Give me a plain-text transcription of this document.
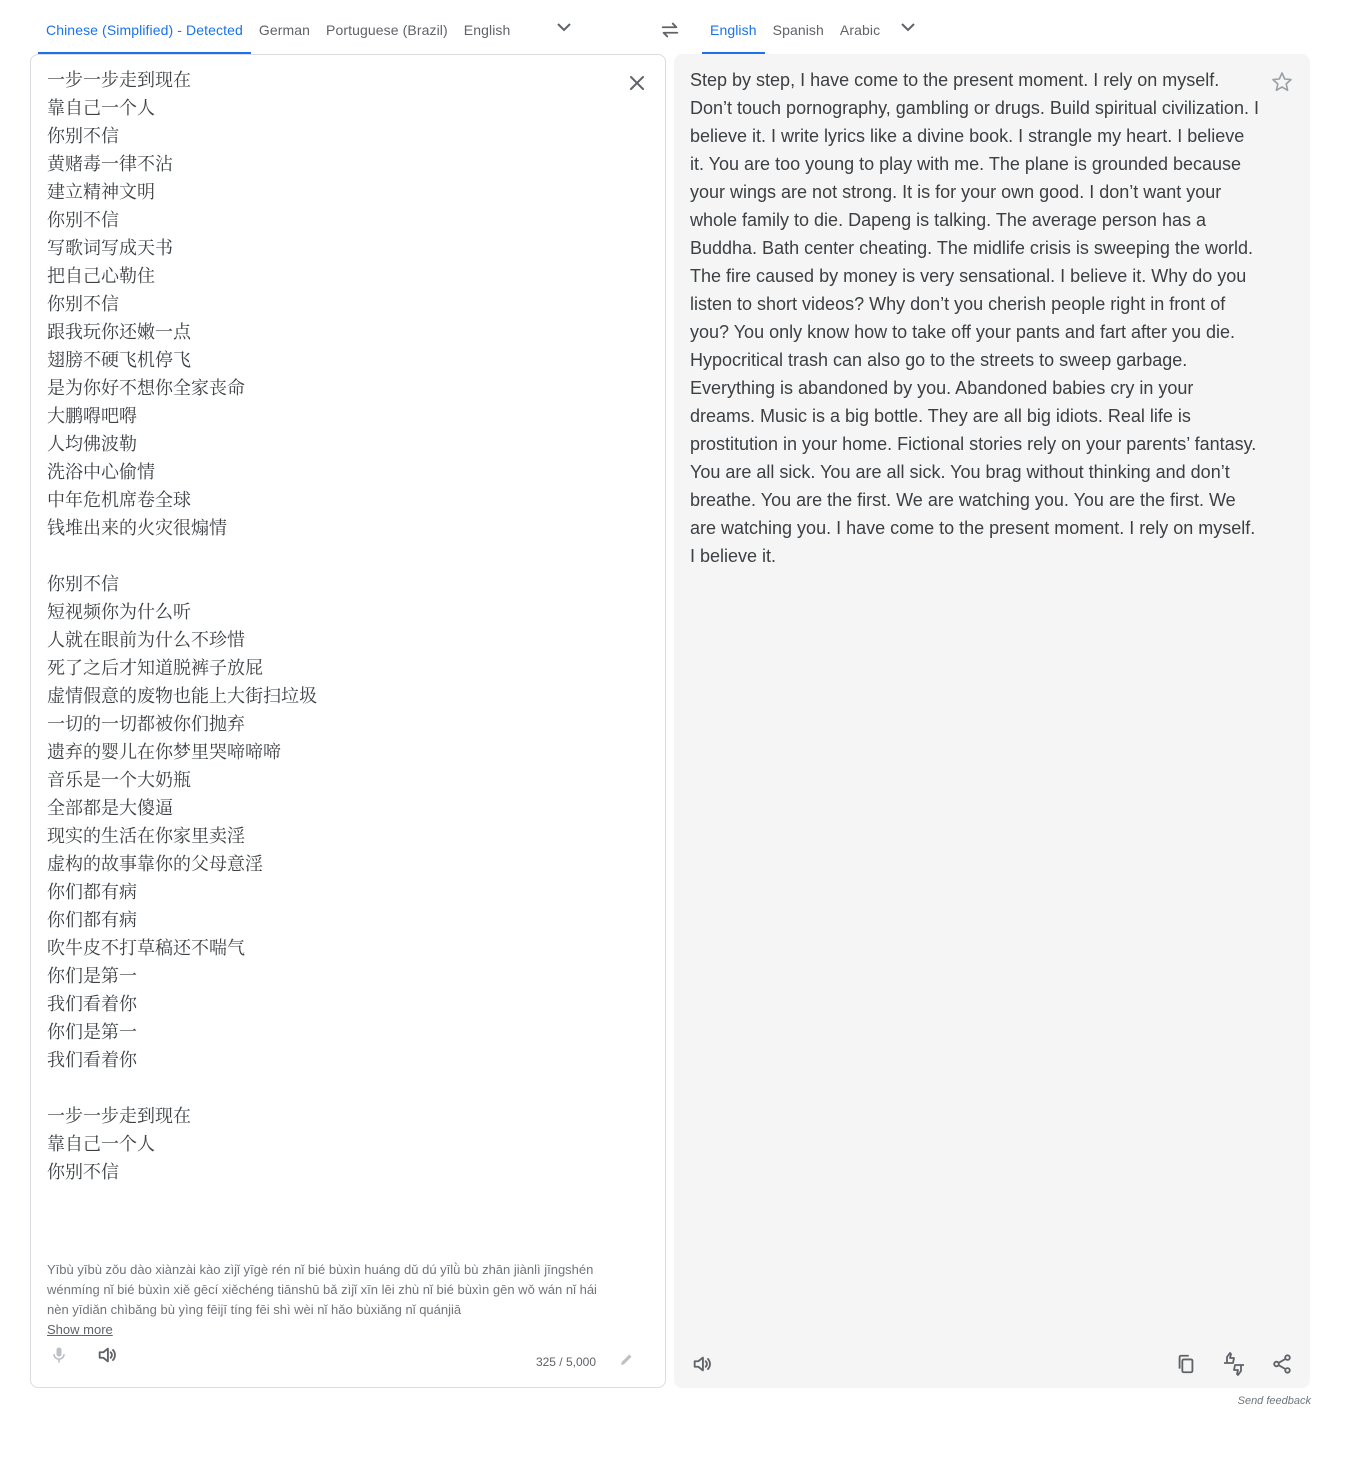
Chinese (Simplified) - Detected	German	Portuguese (Brazil)	English	English	Spanish	Arabic
一步一步走到现在
靠自己一个人
你别不信
黄赌毒一律不沾
建立精神文明
你别不信
写歌词写成天书
把自己心勒住
你别不信
跟我玩你还嫩一点
翅膀不硬飞机停飞
是为你好不想你全家丧命
大鹏嘚吧嘚
人均佛波勒
洗浴中心偷情
中年危机席卷全球
钱堆出来的火灾很煽情

你别不信
短视频你为什么听
人就在眼前为什么不珍惜
死了之后才知道脱裤子放屁
虚情假意的废物也能上大街扫垃圾
一切的一切都被你们抛弃
遗弃的婴儿在你梦里哭啼啼啼
音乐是一个大奶瓶
全部都是大傻逼
现实的生活在你家里卖淫
虚构的故事靠你的父母意淫
你们都有病
你们都有病
吹牛皮不打草稿还不喘气
你们是第一
我们看着你
你们是第一
我们看着你

一步一步走到现在
靠自己一个人
你别不信
Yībù yībù zǒu dào xiànzài kào zìjǐ yīgè rén nǐ bié bùxìn huáng dǔ dú yīlǜ bù zhān jiànlì jīngshén wénmíng nǐ bié bùxìn xiě gēcí xiěchéng tiānshū bǎ zìjǐ xīn lēi zhù nǐ bié bùxìn gēn wǒ wán nǐ hái nèn yīdiǎn chìbǎng bù yìng fēijī tíng fēi shì wèi nǐ hǎo bùxiǎng nǐ quánjiā
Show more
325 / 5,000
Step by step, I have come to the present moment. I rely on myself. Don’t touch pornography, gambling or drugs. Build spiritual civilization. I believe it. I write lyrics like a divine book. I strangle my heart. I believe it. You are too young to play with me. The plane is grounded because your wings are not strong. It is for your own good. I don’t want your whole family to die. Dapeng is talking. The average person has a Buddha. Bath center cheating. The midlife crisis is sweeping the world. The fire caused by money is very sensational. I believe it. Why do you listen to short videos? Why don’t you cherish people right in front of you? You only know how to take off your pants and fart after you die. Hypocritical trash can also go to the streets to sweep garbage. Everything is abandoned by you. Abandoned babies cry in your dreams. Music is a big bottle. They are all big idiots. Real life is prostitution in your home. Fictional stories rely on your parents’ fantasy. You are all sick. You are all sick. You brag without thinking and don’t breathe. You are the first. We are watching you. You are the first. We are watching you. I have come to the present moment. I rely on myself. I believe it.
Send feedback
